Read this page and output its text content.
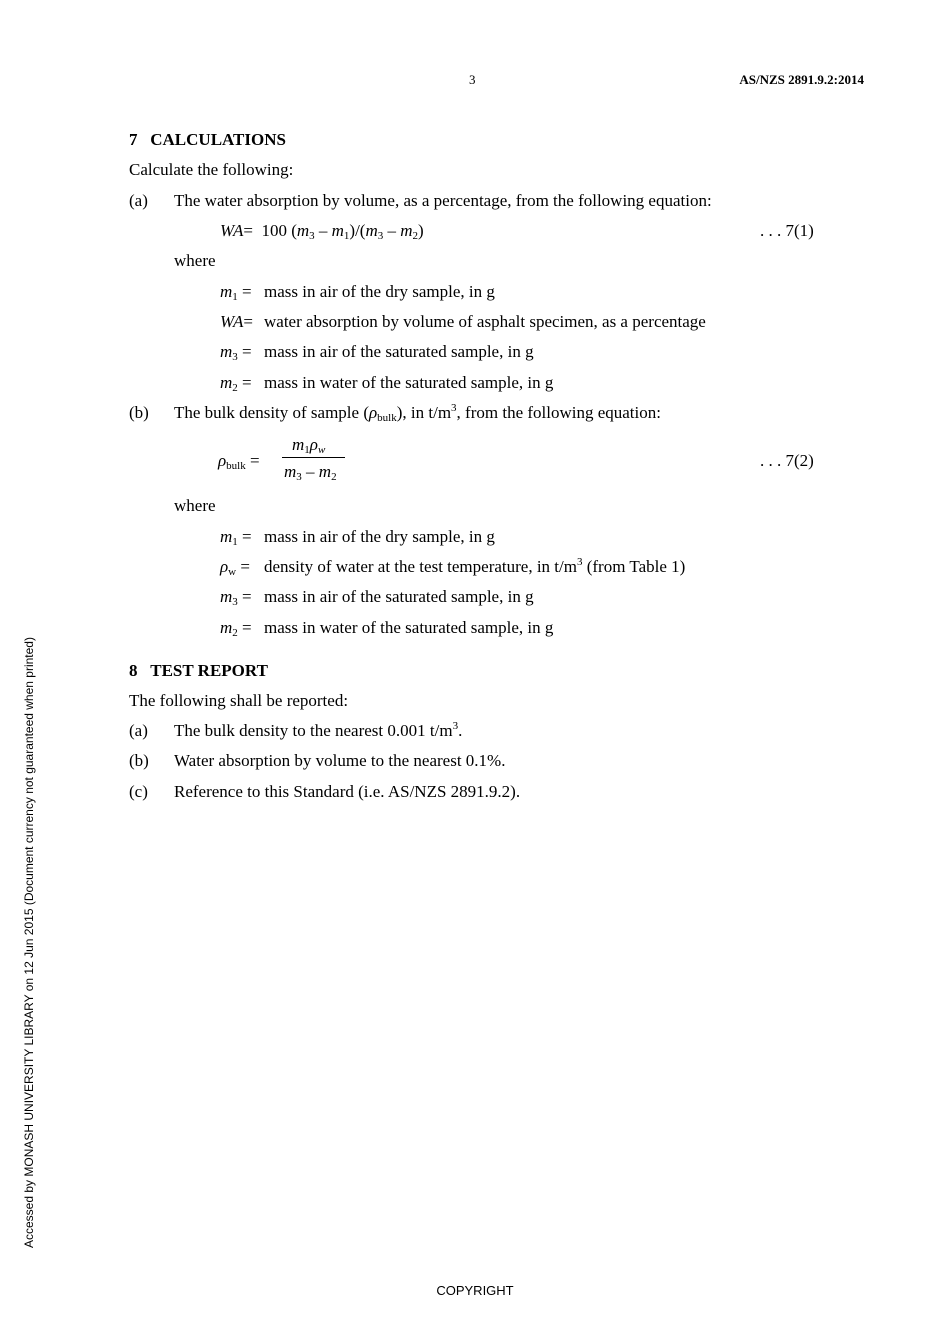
3	AS/NZS 2891.9.2:2014
7 CALCULATIONS
Calculate the following:
(a) The water absorption by volume, as a percentage, from the following equation:
WA=  100 $(m_3 - m_1)/(m_3 - m_2)$	. . . 7(1)
where
$m_1$ = mass in air of the dry sample, in g
WA= water absorption by volume of asphalt specimen, as a percentage
$m_3$ = mass in air of the saturated sample, in g
$m_2$ = mass in water of the saturated sample, in g
(b) The bulk density of sample $(\rho_{bulk})$, in $t/m^3$, from the following equation:
$\rho_{bulk}$ =
$m_1\rho_w$
$m_3 - m_2$
. . . 7(2)
where
$m_1$ = mass in air of the dry sample, in g
$\rho_w$ = density of water at the test temperature, in $t/m^3$ (from Table 1)
$m_3$ = mass in air of the saturated sample, in g
$m_2$ = mass in water of the saturated sample, in g
8 TEST REPORT
The following shall be reported:
(a) The bulk density to the nearest 0.001 $t/m^3$.
(b) Water absorption by volume to the nearest 0.1%.
(c) Reference to this Standard (i.e. AS/NZS 2891.9.2).
Accessed by MONASH UNIVERSITY LIBRARY on 12 Jun 2015 (Document currency not guaranteed when printed)
COPYRIGHT
